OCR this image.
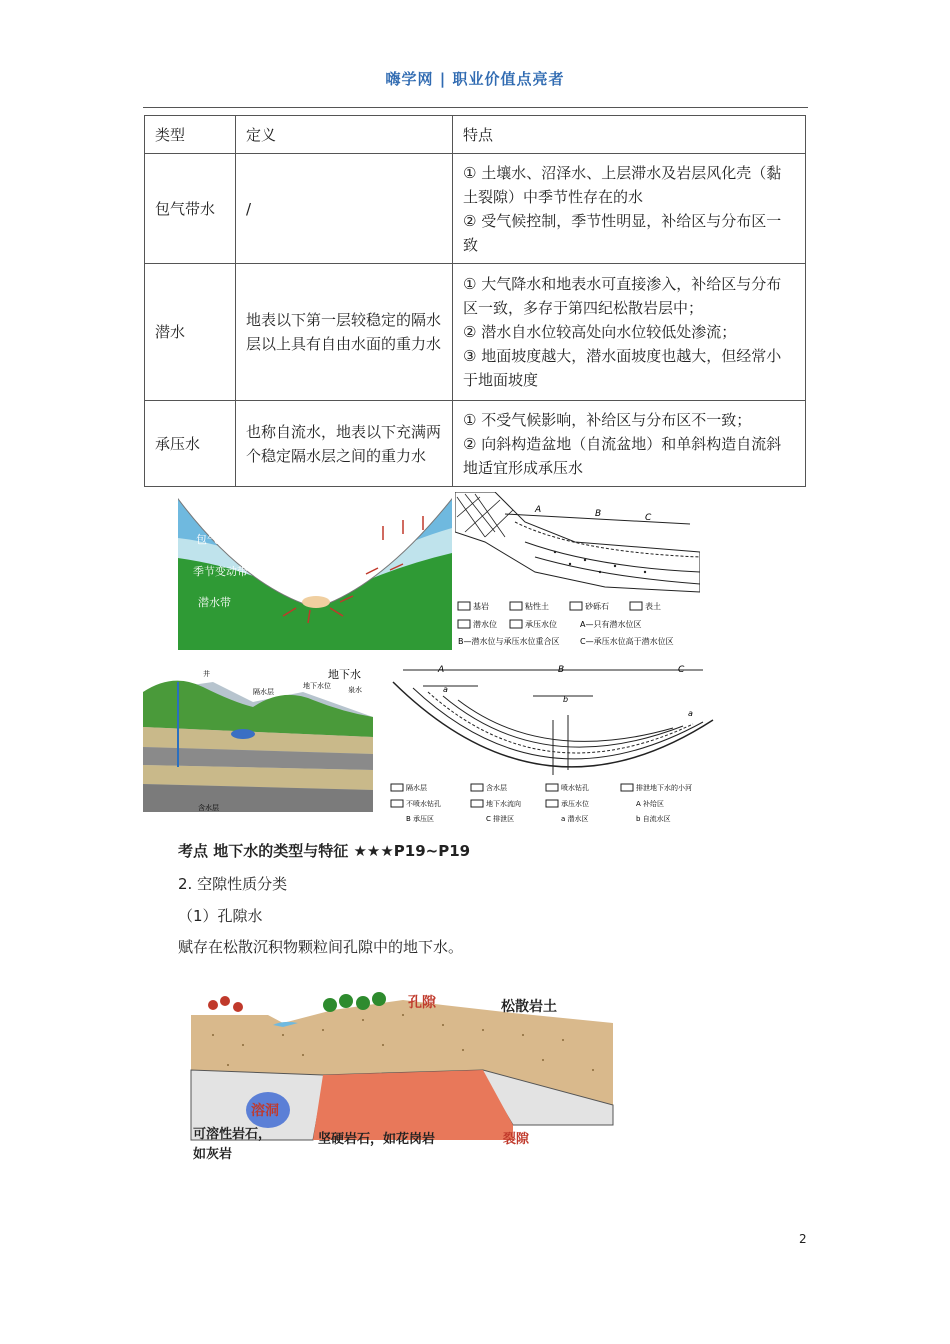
嗨学网 | 职业价值点亮者
类型	定义	特点
包气带水	/	① 土壤水、沼泽水、上层滞水及岩层风化壳（黏土裂隙）中季节性存在的水
② 受气候控制，季节性明显，补给区与分布区一致

潜水	地表以下第一层较稳定的隔水层以上具有自由水面的重力水	① 大气降水和地表水可直接渗入，补给区与分布区一致，多存于第四纪松散岩层中；
② 潜水自水位较高处向水位较低处渗流；
③ 地面坡度越大，潜水面坡度也越大，但经常小于地面坡度

承压水	也称自流水，地表以下充满两个稳定隔水层之间的重力水	① 不受气候影响，补给区与分布区不一致；
② 向斜构造盆地（自流盆地）和单斜构造自流斜地适宜形成承压水
包气带
季节变动带
潜水带
A	B	C
基岩	粘性土	砂砾石	表土
潜水位	承压水位	A—只有潜水位区
B—潜水位与承压水位重合区	C—承压水位高于潜水位区
地下水
井
隔水层
地下水位 泉水
含水层
A	B	C
a
b
a
隔水层	含水层	喷水钻孔	排泄地下水的小河
不喷水钻孔	地下水流向	承压水位	A 补给区
B 承压区	C 排泄区	a 潜水区	b 自流水区
考点 地下水的类型与特征 ★★★P19~P19
2. 空隙性质分类
（1）孔隙水
赋存在松散沉积物颗粒间孔隙中的地下水。
孔隙	松散岩土
溶洞
可溶性岩石，
如灰岩
坚硬岩石，如花岗岩	裂隙
2
